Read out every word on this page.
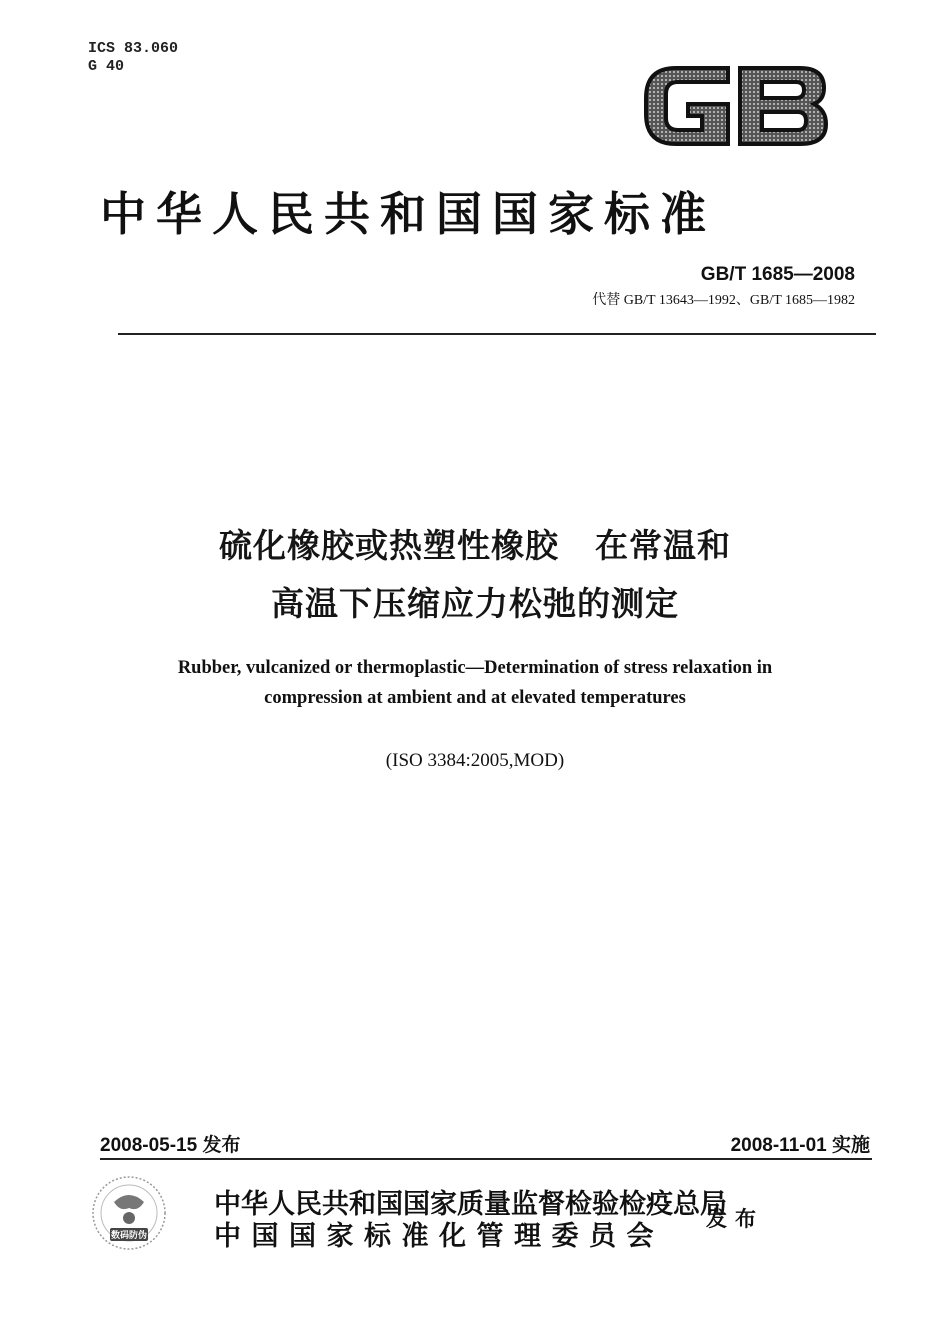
ICS 83.060
G 40
中华人民共和国国家标准
GB/T 1685—2008
代替 GB/T 13643—1992、GB/T 1685—1982
硫化橡胶或热塑性橡胶 在常温和
高温下压缩应力松弛的测定
Rubber, vulcanized or thermoplastic—Determination of stress relaxation in
compression at ambient and at elevated temperatures
(ISO 3384:2005,MOD)
2008-05-15 发布	2008-11-01 实施
数码防伪
中华人民共和国国家质量监督检验检疫总局
中国国家标准化管理委员会
发布
